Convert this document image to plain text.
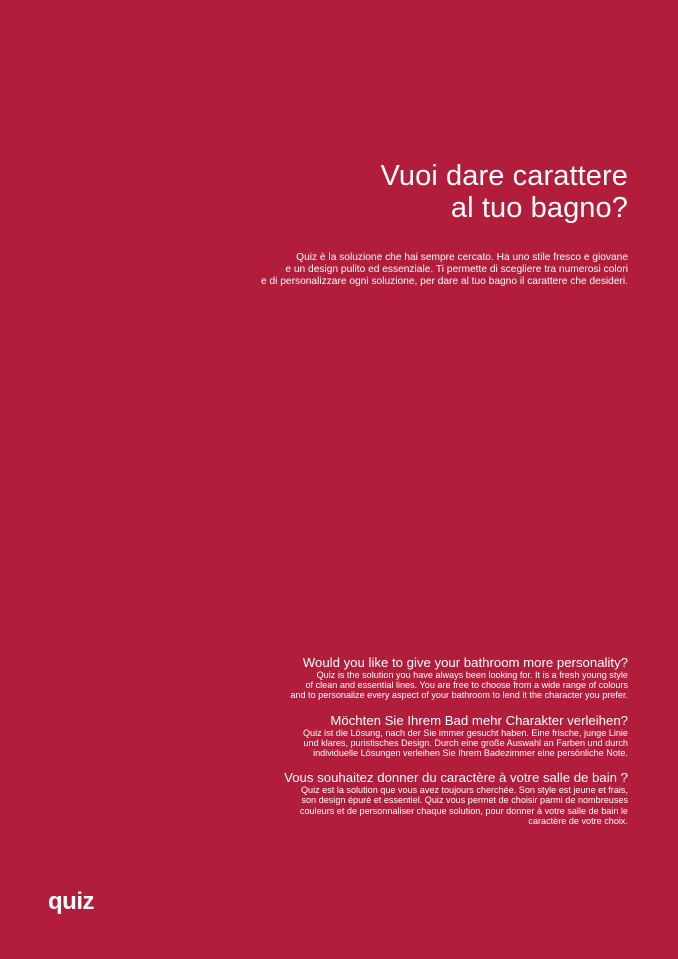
Vuoi dare carattere
al tuo bagno?

Quiz è la soluzione che hai sempre cercato. Ha uno stile fresco e giovane
e un design pulito ed essenziale. Ti permette di scegliere tra numerosi colori
e di personalizzare ogni soluzione, per dare al tuo bagno il carattere che desideri.

Would you like to give your bathroom more personality?

Quiz is the solution you have always been looking for. It is a fresh young style
of clean and essential lines. You are free to choose from a wide range of colours
and to personalize every aspect of your bathroom to lend it the character you prefer.

Möchten Sie Ihrem Bad mehr Charakter verleihen?

Quiz ist die Lösung, nach der Sie immer gesucht haben. Eine frische, junge Linie
und klares, puristisches Design. Durch eine große Auswahl an Farben und durch
individuelle Lösungen verleihen Sie Ihrem Badezimmer eine persönliche Note.

Vous souhaitez donner du caractère à votre salle de bain ?

Quiz est la solution que vous avez toujours cherchée. Son style est jeune et frais,
son design épuré et essentiel. Quiz vous permet de choisir parmi de nombreuses
couleurs et de personnaliser chaque solution, pour donner à votre salle de bain le
caractère de votre choix.

quiz
